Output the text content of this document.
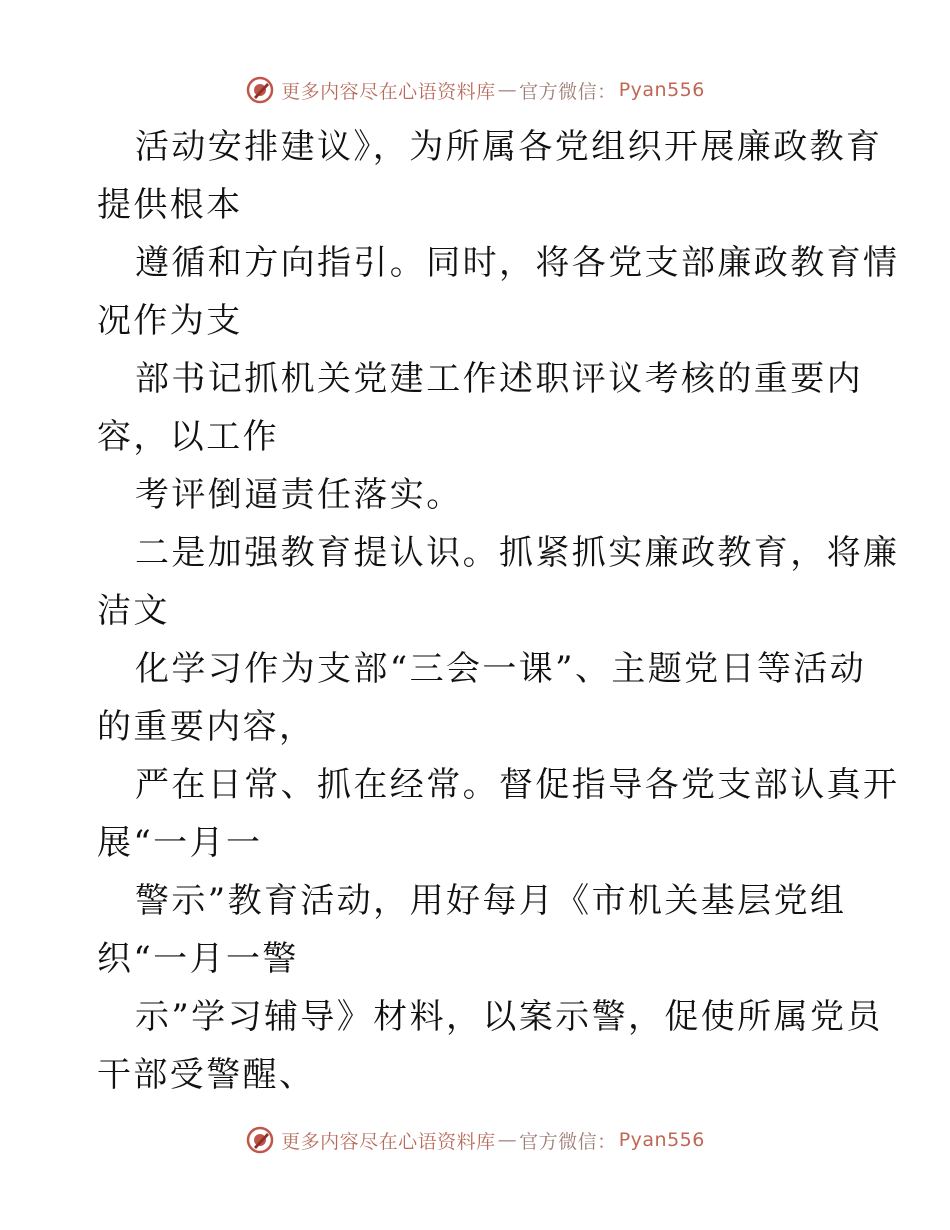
更多内容尽在心语资料库 — 官方微信： Pyan556
活动安排建议》，为所属各党组织开展廉政教育
提供根本
遵循和方向指引。同时，将各党支部廉政教育情
况作为支
部书记抓机关党建工作述职评议考核的重要内
容，以工作
考评倒逼责任落实。
二是加强教育提认识。抓紧抓实廉政教育，将廉
洁文
化学习作为支部“三会一课”、主题党日等活动
的重要内容，
严在日常、抓在经常。督促指导各党支部认真开
展“一月一
警示”教育活动，用好每月《市机关基层党组
织“一月一警
示”学习辅导》材料，以案示警，促使所属党员
干部受警醒、
更多内容尽在心语资料库 — 官方微信： Pyan556
